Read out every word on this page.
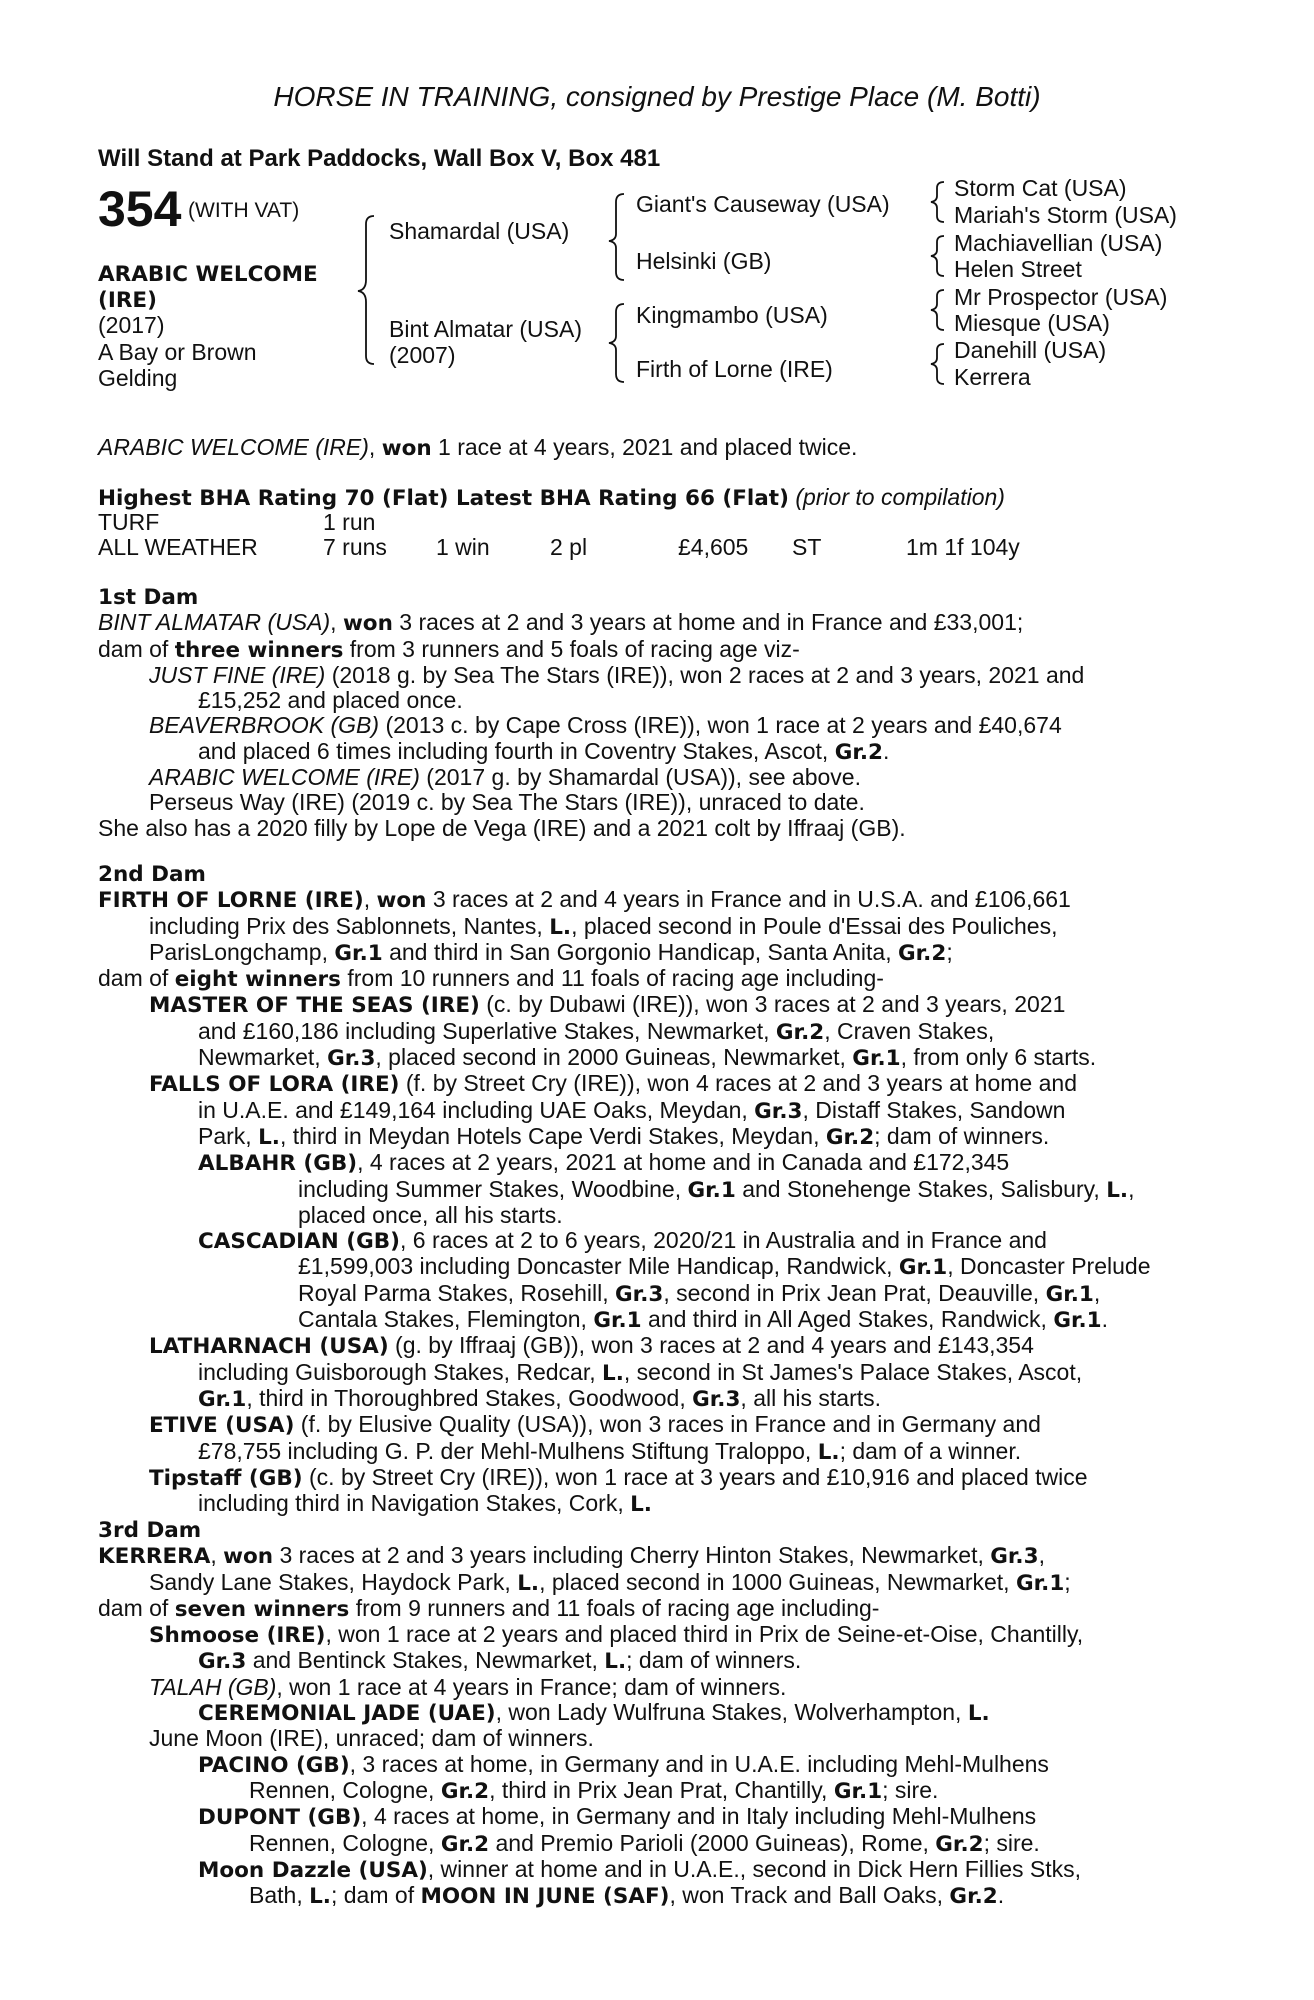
HORSE IN TRAINING, consigned by Prestige Place (M. Botti)
Will Stand at Park Paddocks, Wall Box V, Box 481
354 (WITH VAT)
ARABIC WELCOME
(IRE)
(2017)
A Bay or Brown
Gelding
Shamardal (USA)
Bint Almatar (USA)
(2007)
Giant's Causeway (USA)
Helsinki (GB)
Kingmambo (USA)
Firth of Lorne (IRE)
Storm Cat (USA)
Mariah's Storm (USA)
Machiavellian (USA)
Helen Street
Mr Prospector (USA)
Miesque (USA)
Danehill (USA)
Kerrera
ARABIC WELCOME (IRE), won 1 race at 4 years, 2021 and placed twice.
Highest BHA Rating 70 (Flat) Latest BHA Rating 66 (Flat) (prior to compilation)
TURF	1 run
ALL WEATHER	7 runs 1 win	2 pl	£4,605 ST	1m 1f 104y
1st Dam
BINT ALMATAR (USA), won 3 races at 2 and 3 years at home and in France and £33,001;
dam of three winners from 3 runners and 5 foals of racing age viz-
JUST FINE (IRE) (2018 g. by Sea The Stars (IRE)), won 2 races at 2 and 3 years, 2021 and
£15,252 and placed once.
BEAVERBROOK (GB) (2013 c. by Cape Cross (IRE)), won 1 race at 2 years and £40,674
and placed 6 times including fourth in Coventry Stakes, Ascot, Gr.2.
ARABIC WELCOME (IRE) (2017 g. by Shamardal (USA)), see above.
Perseus Way (IRE) (2019 c. by Sea The Stars (IRE)), unraced to date.
She also has a 2020 filly by Lope de Vega (IRE) and a 2021 colt by Iffraaj (GB).
2nd Dam
FIRTH OF LORNE (IRE), won 3 races at 2 and 4 years in France and in U.S.A. and £106,661
including Prix des Sablonnets, Nantes, L., placed second in Poule d'Essai des Pouliches,
ParisLongchamp, Gr.1 and third in San Gorgonio Handicap, Santa Anita, Gr.2;
dam of eight winners from 10 runners and 11 foals of racing age including-
MASTER OF THE SEAS (IRE) (c. by Dubawi (IRE)), won 3 races at 2 and 3 years, 2021
and £160,186 including Superlative Stakes, Newmarket, Gr.2, Craven Stakes,
Newmarket, Gr.3, placed second in 2000 Guineas, Newmarket, Gr.1, from only 6 starts.
FALLS OF LORA (IRE) (f. by Street Cry (IRE)), won 4 races at 2 and 3 years at home and
in U.A.E. and £149,164 including UAE Oaks, Meydan, Gr.3, Distaff Stakes, Sandown
Park, L., third in Meydan Hotels Cape Verdi Stakes, Meydan, Gr.2; dam of winners.
ALBAHR (GB), 4 races at 2 years, 2021 at home and in Canada and £172,345
including Summer Stakes, Woodbine, Gr.1 and Stonehenge Stakes, Salisbury, L.,
placed once, all his starts.
CASCADIAN (GB), 6 races at 2 to 6 years, 2020/21 in Australia and in France and
£1,599,003 including Doncaster Mile Handicap, Randwick, Gr.1, Doncaster Prelude
Royal Parma Stakes, Rosehill, Gr.3, second in Prix Jean Prat, Deauville, Gr.1,
Cantala Stakes, Flemington, Gr.1 and third in All Aged Stakes, Randwick, Gr.1.
LATHARNACH (USA) (g. by Iffraaj (GB)), won 3 races at 2 and 4 years and £143,354
including Guisborough Stakes, Redcar, L., second in St James's Palace Stakes, Ascot,
Gr.1, third in Thoroughbred Stakes, Goodwood, Gr.3, all his starts.
ETIVE (USA) (f. by Elusive Quality (USA)), won 3 races in France and in Germany and
£78,755 including G. P. der Mehl-Mulhens Stiftung Traloppo, L.; dam of a winner.
Tipstaff (GB) (c. by Street Cry (IRE)), won 1 race at 3 years and £10,916 and placed twice
including third in Navigation Stakes, Cork, L.
3rd Dam
KERRERA, won 3 races at 2 and 3 years including Cherry Hinton Stakes, Newmarket, Gr.3,
Sandy Lane Stakes, Haydock Park, L., placed second in 1000 Guineas, Newmarket, Gr.1;
dam of seven winners from 9 runners and 11 foals of racing age including-
Shmoose (IRE), won 1 race at 2 years and placed third in Prix de Seine-et-Oise, Chantilly,
Gr.3 and Bentinck Stakes, Newmarket, L.; dam of winners.
TALAH (GB), won 1 race at 4 years in France; dam of winners.
CEREMONIAL JADE (UAE), won Lady Wulfruna Stakes, Wolverhampton, L.
June Moon (IRE), unraced; dam of winners.
PACINO (GB), 3 races at home, in Germany and in U.A.E. including Mehl-Mulhens
Rennen, Cologne, Gr.2, third in Prix Jean Prat, Chantilly, Gr.1; sire.
DUPONT (GB), 4 races at home, in Germany and in Italy including Mehl-Mulhens
Rennen, Cologne, Gr.2 and Premio Parioli (2000 Guineas), Rome, Gr.2; sire.
Moon Dazzle (USA), winner at home and in U.A.E., second in Dick Hern Fillies Stks,
Bath, L.; dam of MOON IN JUNE (SAF), won Track and Ball Oaks, Gr.2.
